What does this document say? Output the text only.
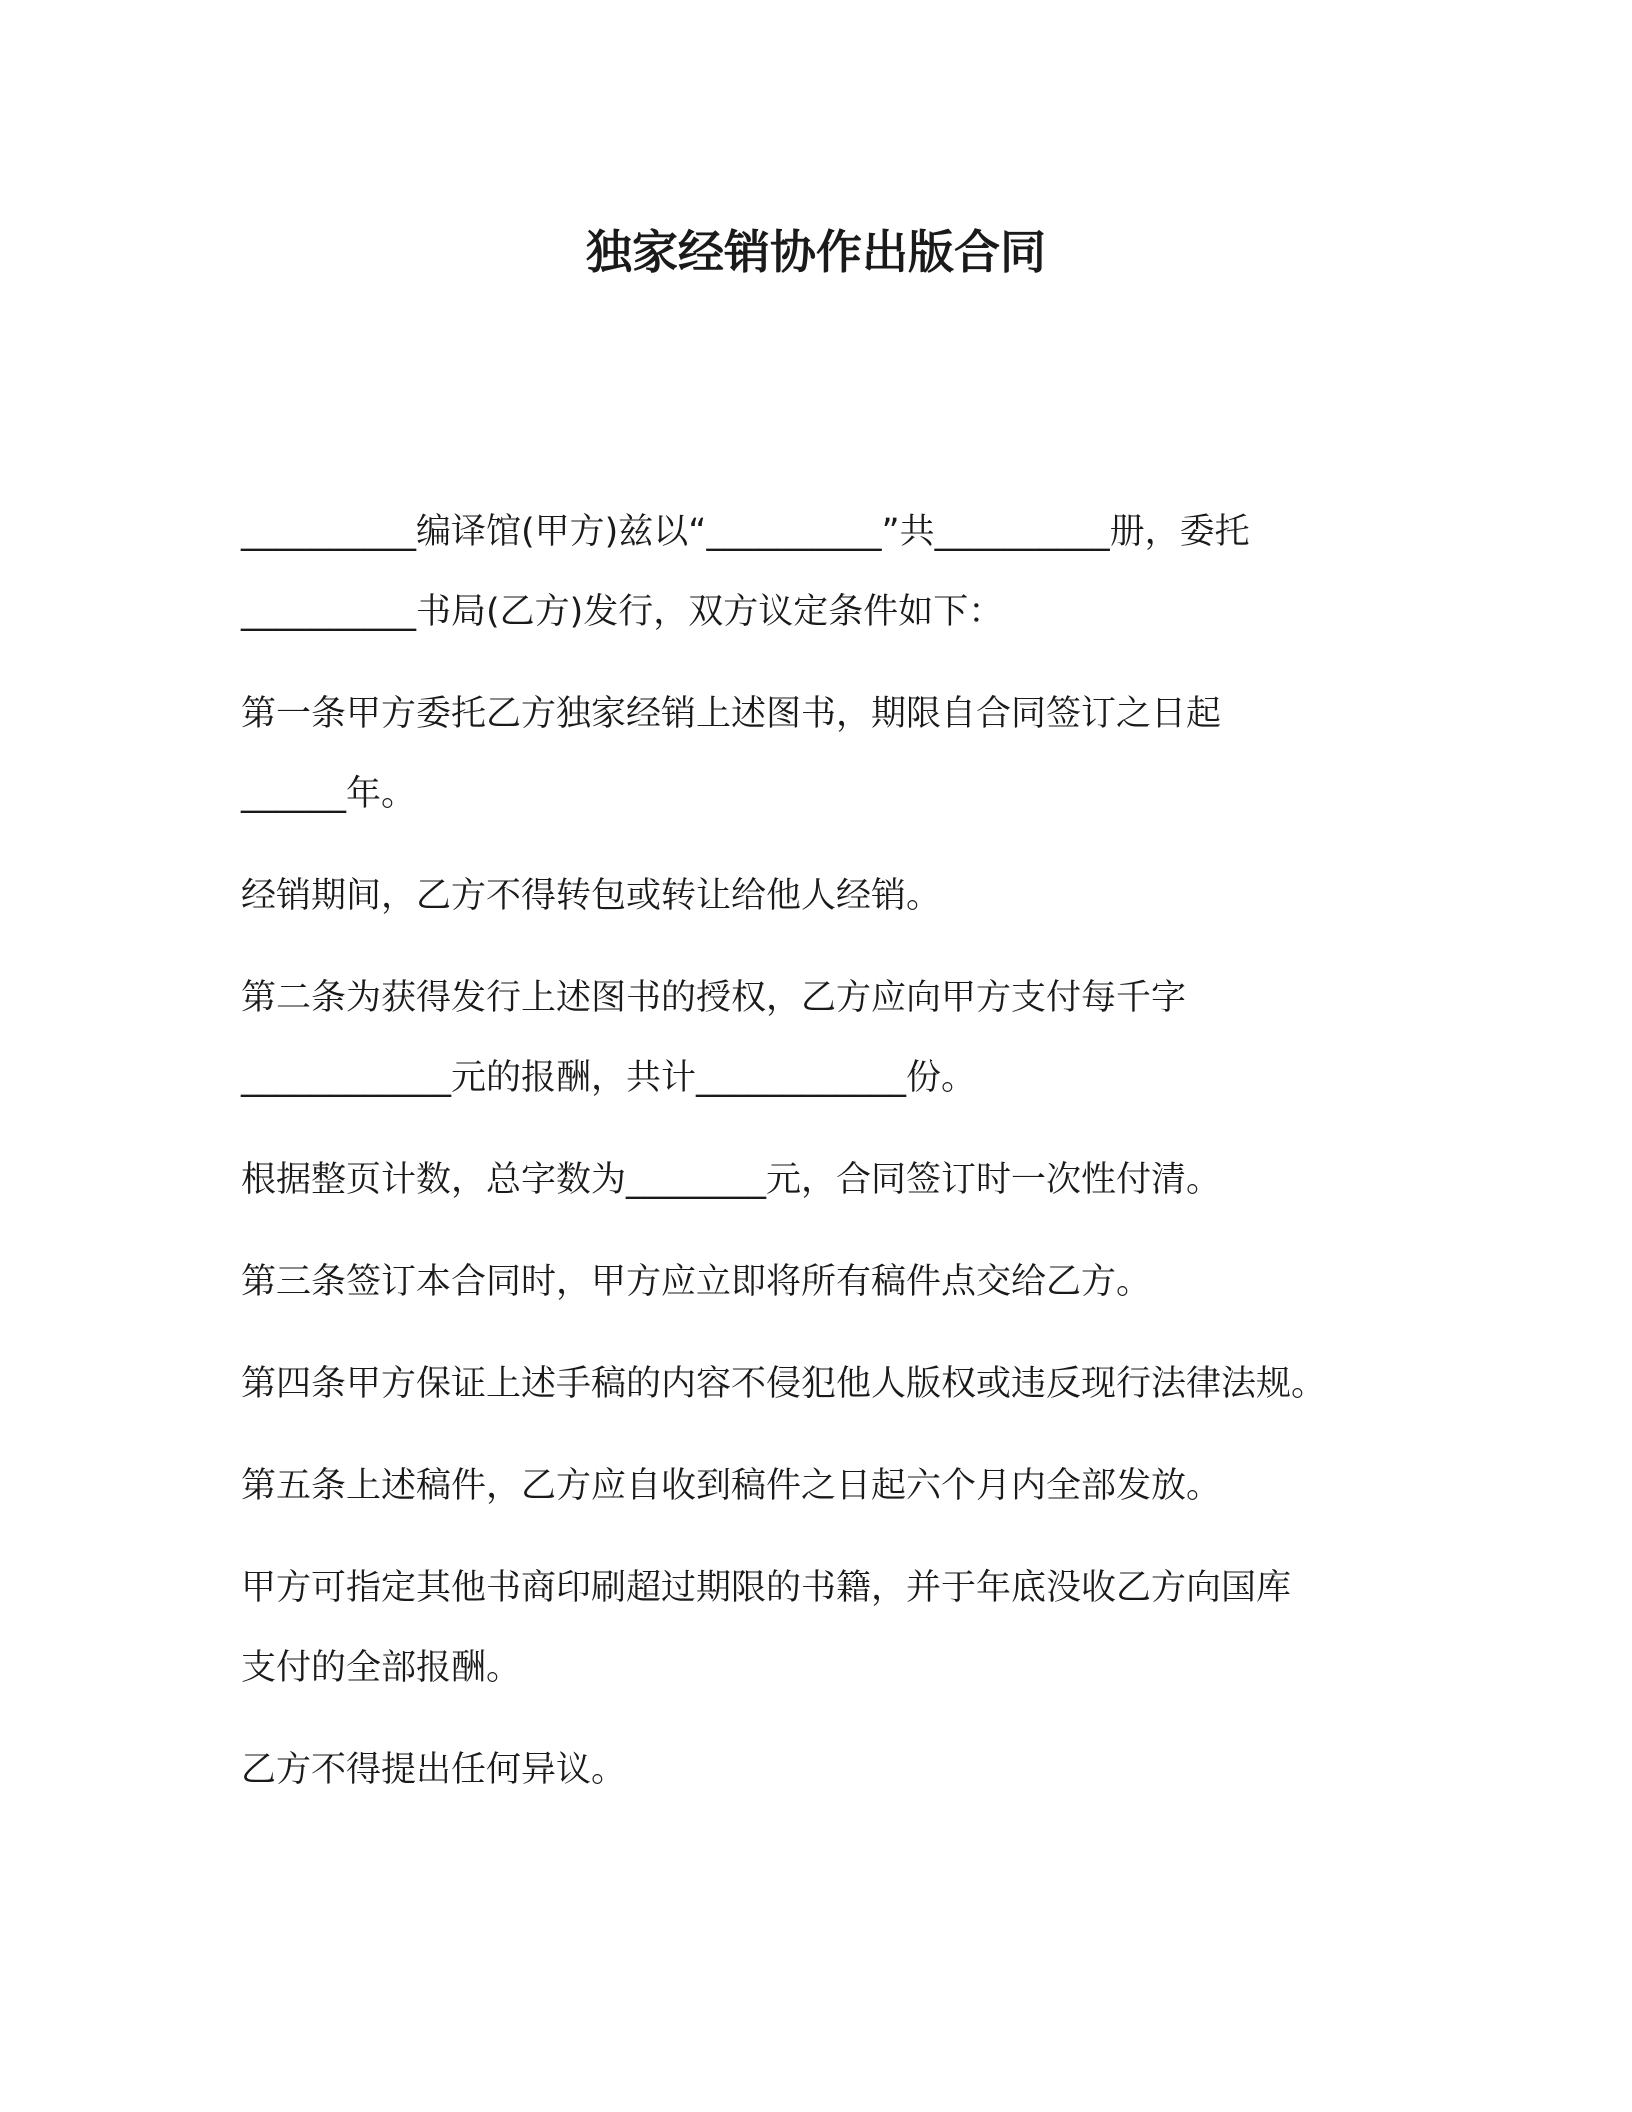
独家经销协作出版合同

__________编译馆(甲方)兹以“__________”共__________册，委托
__________书局(乙方)发行，双方议定条件如下：

第一条甲方委托乙方独家经销上述图书，期限自合同签订之日起
______年。

经销期间，乙方不得转包或转让给他人经销。

第二条为获得发行上述图书的授权，乙方应向甲方支付每千字
____________元的报酬，共计____________份。

根据整页计数，总字数为________元，合同签订时一次性付清。

第三条签订本合同时，甲方应立即将所有稿件点交给乙方。

第四条甲方保证上述手稿的内容不侵犯他人版权或违反现行法律法规。

第五条上述稿件，乙方应自收到稿件之日起六个月内全部发放。

甲方可指定其他书商印刷超过期限的书籍，并于年底没收乙方向国库
支付的全部报酬。

乙方不得提出任何异议。
